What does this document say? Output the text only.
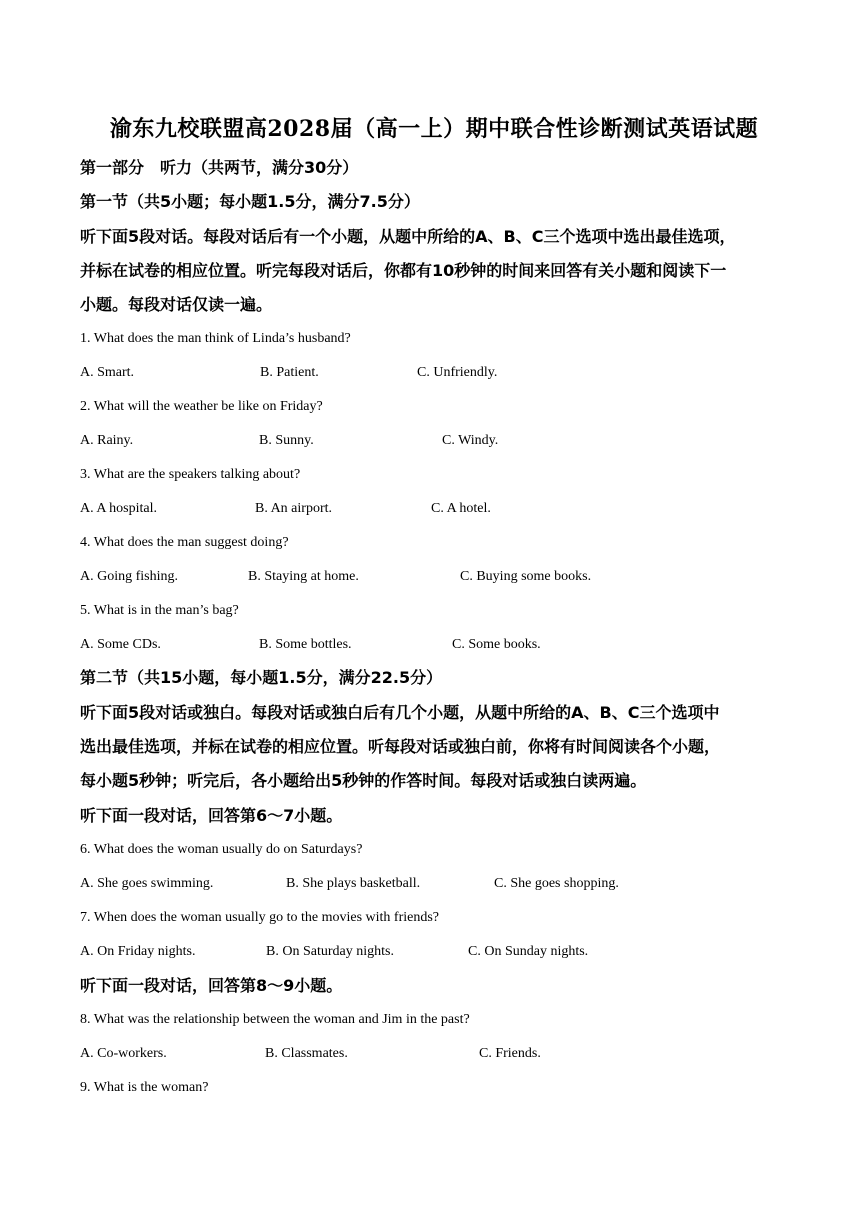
渝东九校联盟高2028届（高一上）期中联合性诊断测试英语试题
第一部分　听力（共两节，满分30分）
第一节（共5小题；每小题1.5分，满分7.5分）
听下面5段对话。每段对话后有一个小题，从题中所给的A、B、C三个选项中选出最佳选项，
并标在试卷的相应位置。听完每段对话后，你都有10秒钟的时间来回答有关小题和阅读下一
小题。每段对话仅读一遍。
1. What does the man think of Linda’s husband?
A. Smart.	B. Patient.	C. Unfriendly.
2. What will the weather be like on Friday?
A. Rainy.	B. Sunny.	C. Windy.
3. What are the speakers talking about?
A. A hospital.	B. An airport.	C. A hotel.
4. What does the man suggest doing?
A. Going fishing.	B. Staying at home.	C. Buying some books.
5. What is in the man’s bag?
A. Some CDs.	B. Some bottles.	C. Some books.
第二节（共15小题，每小题1.5分，满分22.5分）
听下面5段对话或独白。每段对话或独白后有几个小题，从题中所给的A、B、C三个选项中
选出最佳选项，并标在试卷的相应位置。听每段对话或独白前，你将有时间阅读各个小题，
每小题5秒钟；听完后，各小题给出5秒钟的作答时间。每段对话或独白读两遍。
听下面一段对话，回答第6～7小题。
6. What does the woman usually do on Saturdays?
A. She goes swimming.	B. She plays basketball.	C. She goes shopping.
7. When does the woman usually go to the movies with friends?
A. On Friday nights.	B. On Saturday nights.	C. On Sunday nights.
听下面一段对话，回答第8～9小题。
8. What was the relationship between the woman and Jim in the past?
A. Co-workers.	B. Classmates.	C. Friends.
9. What is the woman?
